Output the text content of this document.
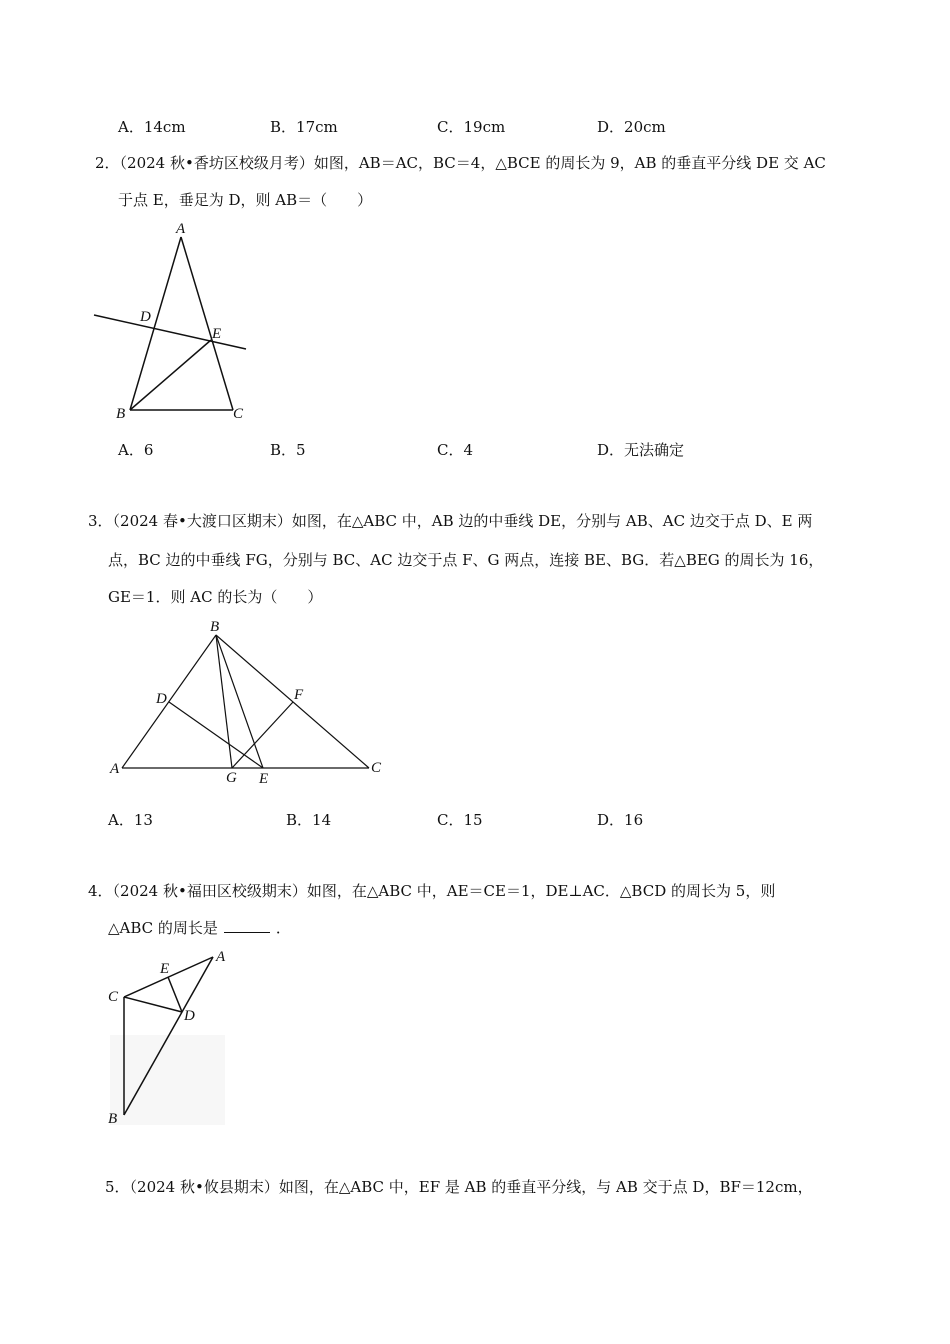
A．14cm	B．17cm	C．19cm	D．20cm
2．（2024 秋•香坊区校级月考）如图，AB＝AC，BC＝4，△BCE 的周长为 9，AB 的垂直平分线 DE 交 AC
于点 E，垂足为 D，则 AB＝（　　）
A
D
E
B	C
A．6	B．5	C．4	D．无法确定
3．（2024 春•大渡口区期末）如图，在△ABC 中，AB 边的中垂线 DE，分别与 AB、AC 边交于点 D、E 两
点，BC 边的中垂线 FG，分别与 BC、AC 边交于点 F、G 两点，连接 BE、BG．若△BEG 的周长为 16，
GE＝1．则 AC 的长为（　　）
B
D	F
A
G E
C
A．13	B．14	C．15	D．16
4．（2024 秋•福田区校级期末）如图，在△ABC 中，AE＝CE＝1，DE⊥AC．△BCD 的周长为 5，则
△ABC 的周长是	．
A
E
C
D
B
5．（2024 秋•攸县期末）如图，在△ABC 中，EF 是 AB 的垂直平分线，与 AB 交于点 D，BF＝12cm，
